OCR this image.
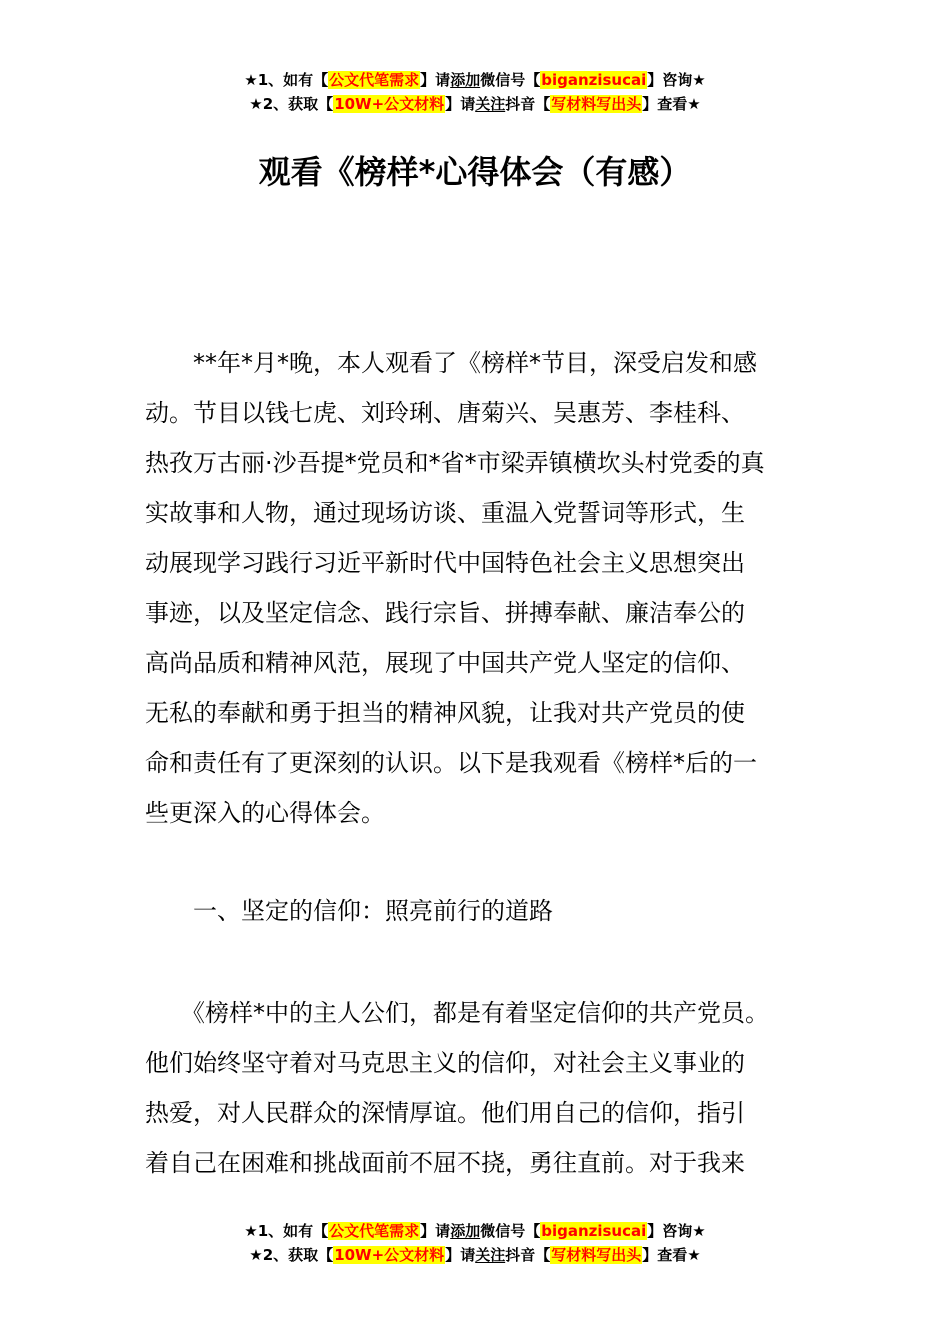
★1、如有【公文代笔需求】请添加微信号【biganzisucai】咨询★
★2、获取【10W+公文材料】请关注抖音【写材料写出头】查看★
观看《榜样*心得体会（有感）
　　**年*月*晚，本人观看了《榜样*节目，深受启发和感
动。节目以钱七虎、刘玲琍、唐菊兴、吴惠芳、李桂科、
热孜万古丽·沙吾提*党员和*省*市梁弄镇横坎头村党委的真
实故事和人物，通过现场访谈、重温入党誓词等形式，生
动展现学习践行习近平新时代中国特色社会主义思想突出
事迹，以及坚定信念、践行宗旨、拼搏奉献、廉洁奉公的
高尚品质和精神风范，展现了中国共产党人坚定的信仰、
无私的奉献和勇于担当的精神风貌，让我对共产党员的使
命和责任有了更深刻的认识。以下是我观看《榜样*后的一
些更深入的心得体会。
　　一、坚定的信仰：照亮前行的道路
　　《榜样*中的主人公们，都是有着坚定信仰的共产党员。
他们始终坚守着对马克思主义的信仰，对社会主义事业的
热爱，对人民群众的深情厚谊。他们用自己的信仰，指引
着自己在困难和挑战面前不屈不挠，勇往直前。对于我来
★1、如有【公文代笔需求】请添加微信号【biganzisucai】咨询★
★2、获取【10W+公文材料】请关注抖音【写材料写出头】查看★
